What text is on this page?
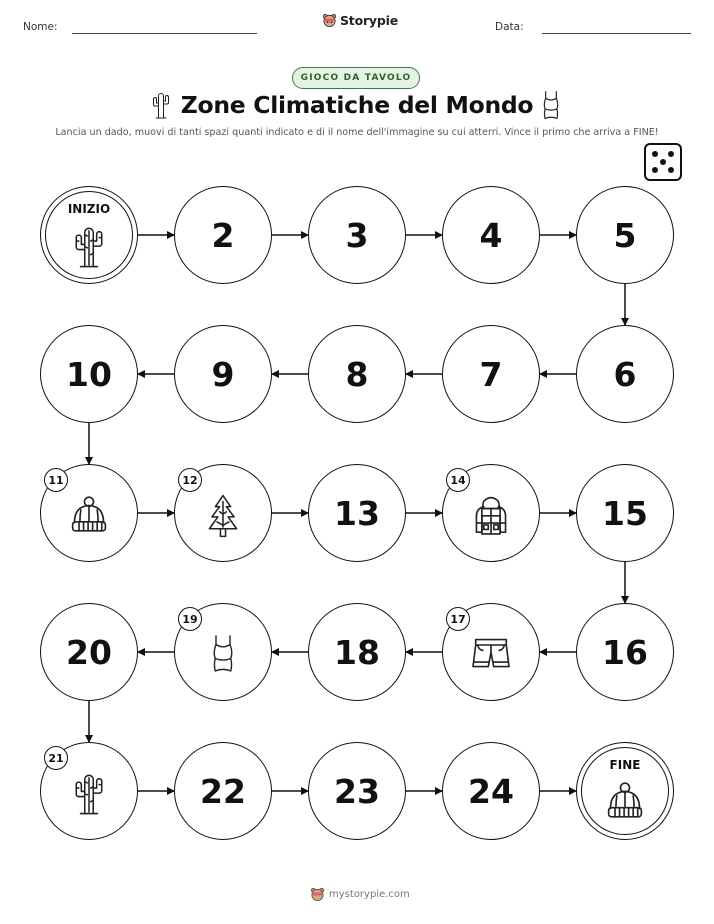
Nome:	Storypie	Data:
GIOCO DA TAVOLO
Zone Climatiche del Mondo
Lancia un dado, muovi di tanti spazi quanti indicato e di il nome dell'immagine su cui atterri. Vince il primo che arriva a FINE!
INIZIO
2	3	4	5
6
7
8
9
10
11	12
13
14
15
16
17
18
19
20
21
22	23	24
FINE
mystorypie.com
